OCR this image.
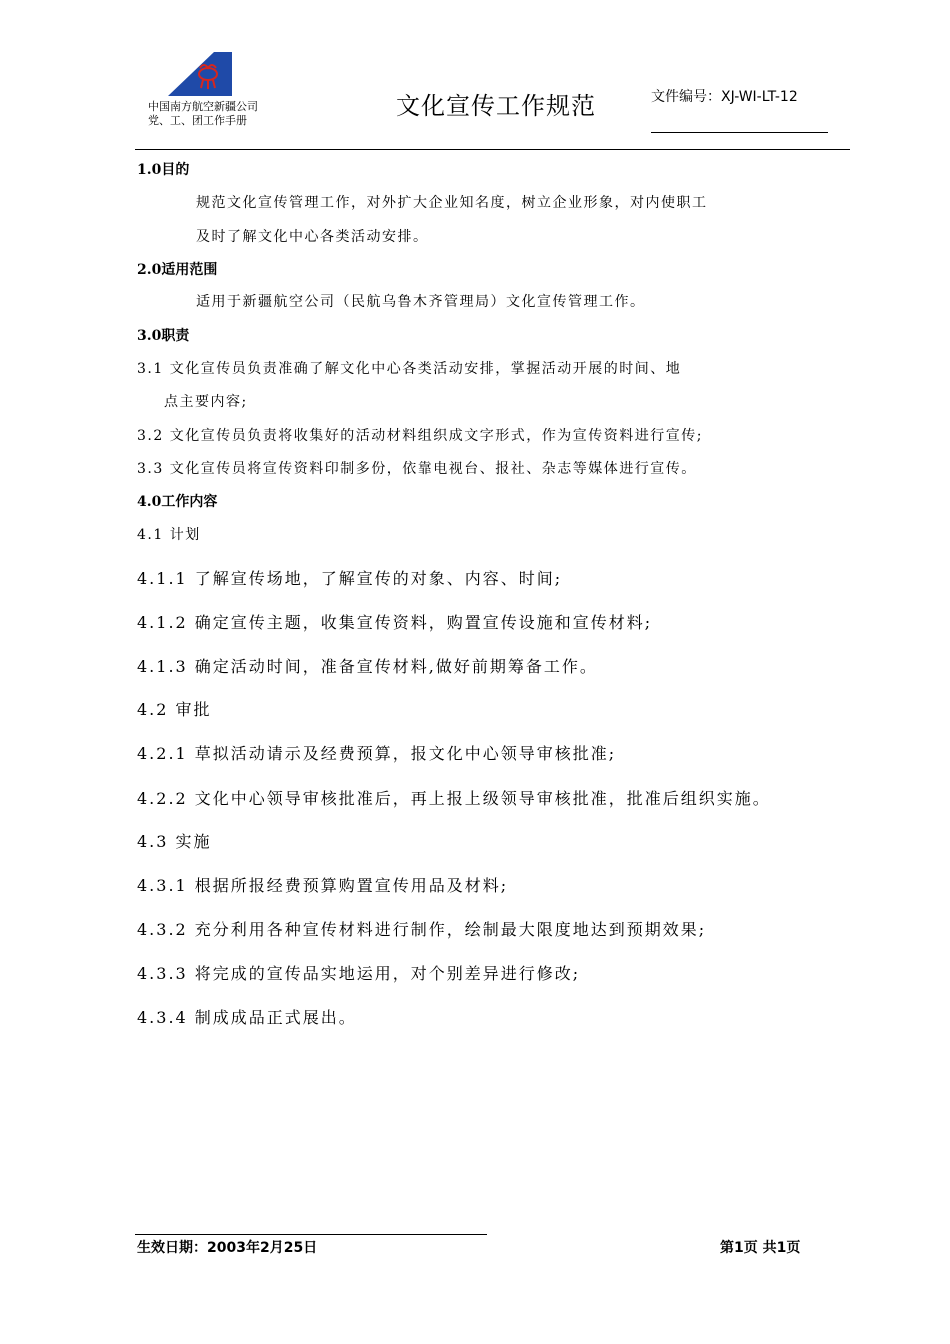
中国南方航空新疆公司
党、工、团工作手册
文化宣传工作规范	文件编号：XJ-WI-LT-12
1.0目的
规范文化宣传管理工作，对外扩大企业知名度，树立企业形象，对内使职工
及时了解文化中心各类活动安排。
2.0适用范围
适用于新疆航空公司（民航乌鲁木齐管理局）文化宣传管理工作。
3.0职责
3.1 文化宣传员负责准确了解文化中心各类活动安排，掌握活动开展的时间、地
点主要内容;
3.2 文化宣传员负责将收集好的活动材料组织成文字形式，作为宣传资料进行宣传;
3.3 文化宣传员将宣传资料印制多份，依靠电视台、报社、杂志等媒体进行宣传。
4.0工作内容
4.1 计划
4.1.1 了解宣传场地，了解宣传的对象、内容、时间;
4.1.2 确定宣传主题，收集宣传资料，购置宣传设施和宣传材料;
4.1.3 确定活动时间，准备宣传材料,做好前期筹备工作。
4.2 审批
4.2.1 草拟活动请示及经费预算，报文化中心领导审核批准;
4.2.2 文化中心领导审核批准后，再上报上级领导审核批准，批准后组织实施。
4.3 实施
4.3.1 根据所报经费预算购置宣传用品及材料;
4.3.2 充分利用各种宣传材料进行制作，绘制最大限度地达到预期效果;
4.3.3 将完成的宣传品实地运用，对个别差异进行修改;
4.3.4 制成成品正式展出。
生效日期：2003年2月25日	第1页 共1页
